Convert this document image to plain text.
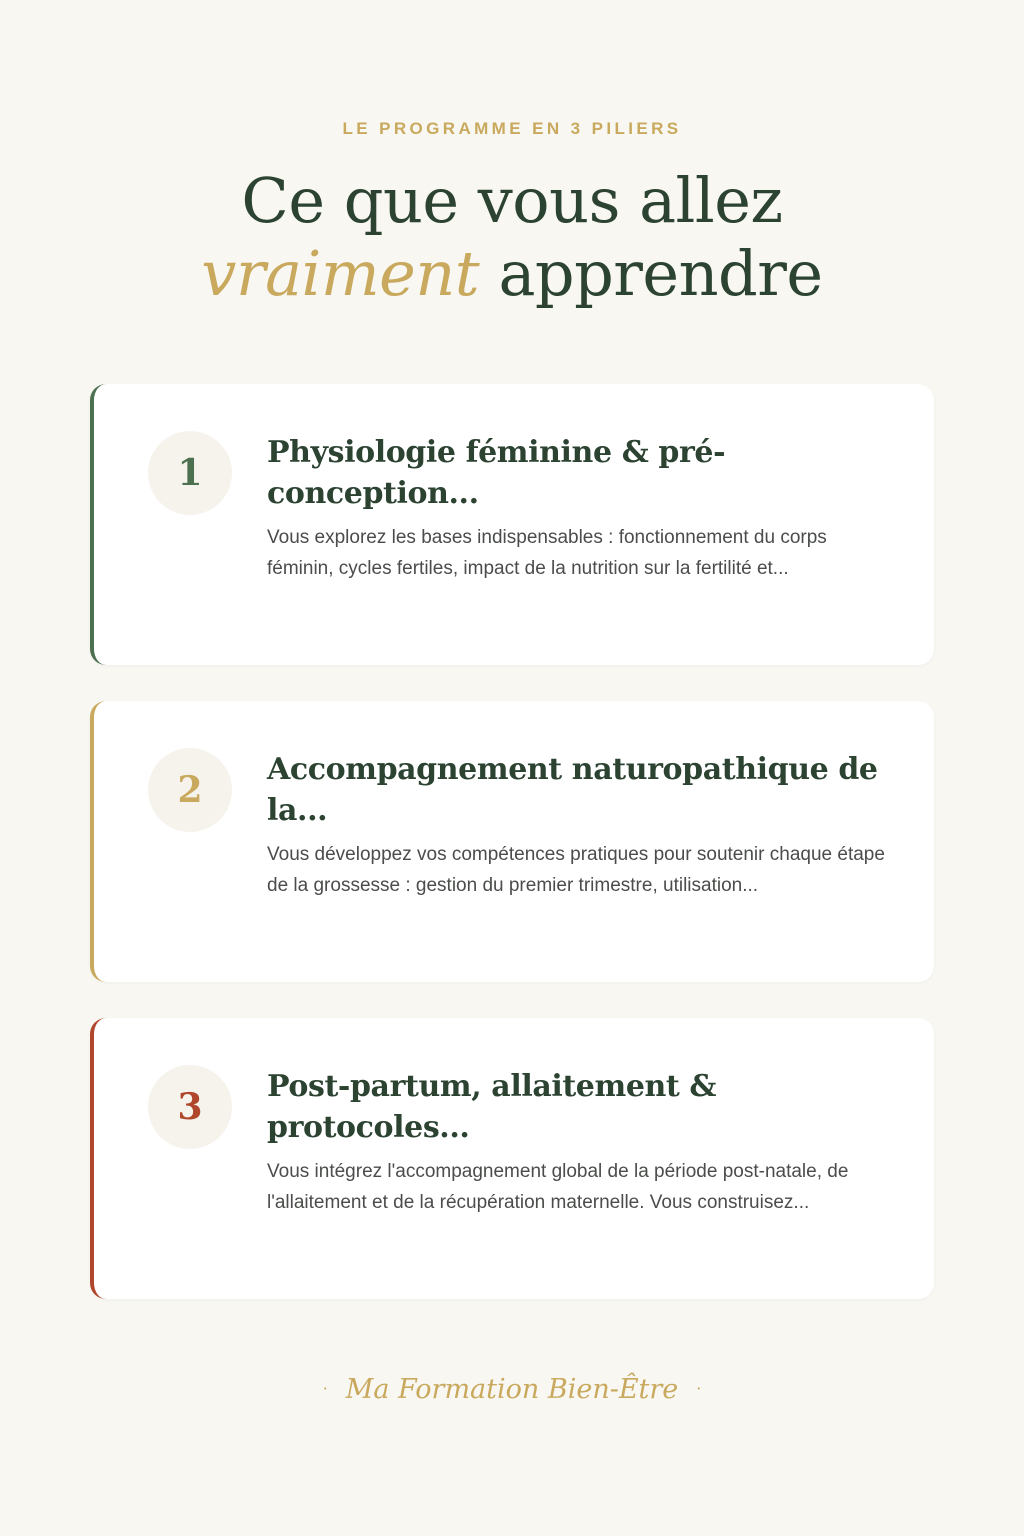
LE PROGRAMME EN 3 PILIERS
Ce que vous allez
vraiment apprendre
1	Physiologie féminine & pré-conception...

Vous explorez les bases indispensables : fonctionnement du corps féminin, cycles fertiles, impact de la nutrition sur la fertilité et...

2	Accompagnement naturopathique de la...

Vous développez vos compétences pratiques pour soutenir chaque étape de la grossesse : gestion du premier trimestre, utilisation...

3	Post-partum, allaitement & protocoles...

Vous intégrez l'accompagnement global de la période post-natale, de l'allaitement et de la récupération maternelle. Vous construisez...

· Ma Formation Bien-Être ·
